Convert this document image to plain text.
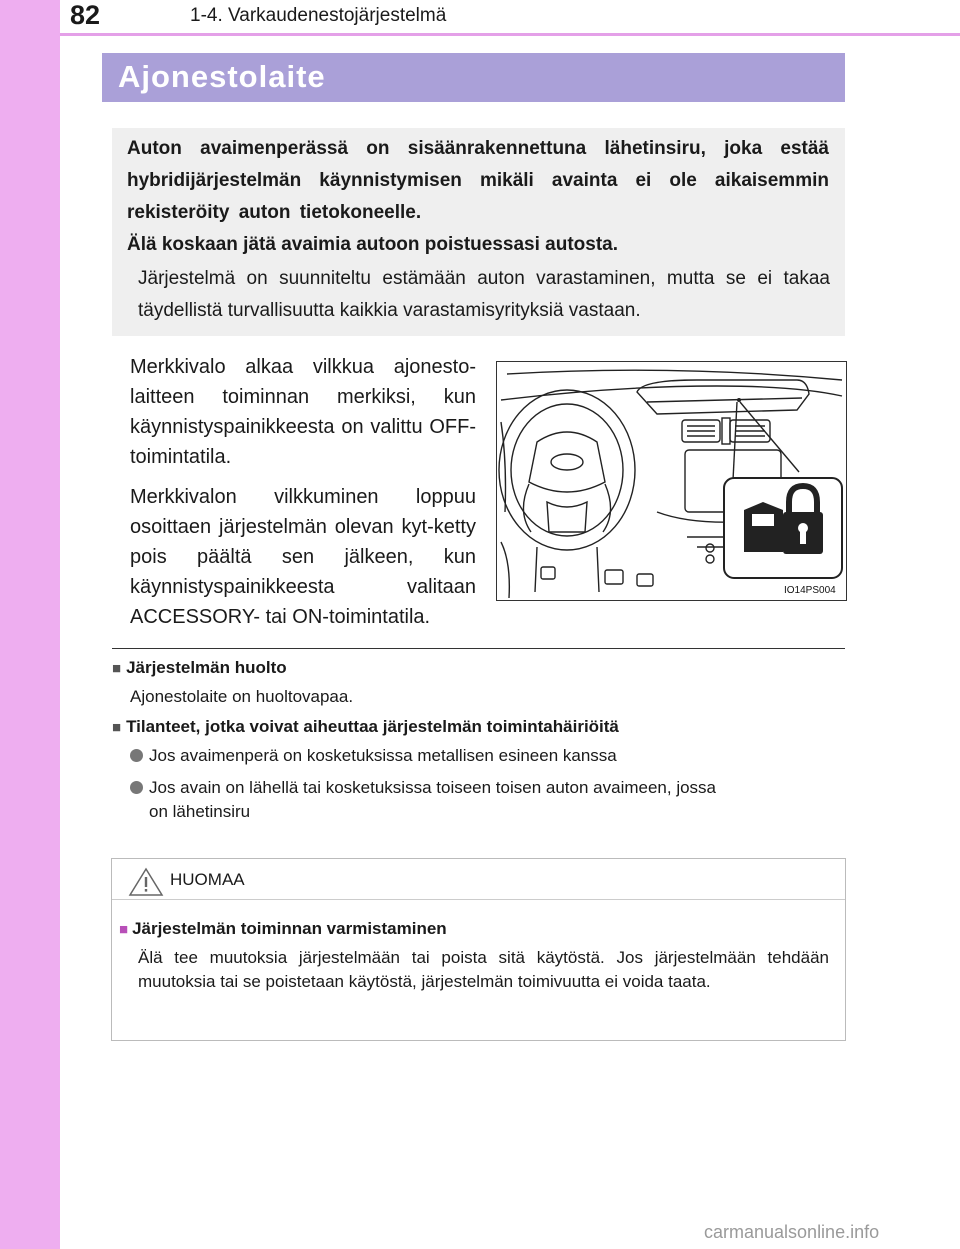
82	1-4. Varkaudenestojärjestelmä
Ajonestolaite
Auton avaimenperässä on sisäänrakennettuna lähetinsiru, joka estää hybridijärjestelmän käynnistymisen mikäli avainta ei ole aikaisemmin rekisteröity auton tietokoneelle.
Älä koskaan jätä avaimia autoon poistuessasi autosta.
Järjestelmä on suunniteltu estämään auton varastaminen, mutta se ei takaa täydellistä turvallisuutta kaikkia varastamisyrityksiä vastaan.
Merkkivalo alkaa vilkkua ajonesto-laitteen toiminnan merkiksi, kun käynnistyspainikkeesta on valittu OFF-toimintatila.
Merkkivalon vilkkuminen loppuu osoittaen järjestelmän olevan kyt-ketty pois päältä sen jälkeen, kun käynnistyspainikkeesta valitaan ACCESSORY- tai ON-toimintatila.
IO14PS004
■ Järjestelmän huolto
Ajonestolaite on huoltovapaa.
■ Tilanteet, jotka voivat aiheuttaa järjestelmän toimintahäiriöitä
Jos avaimenperä on kosketuksissa metallisen esineen kanssa
Jos avain on lähellä tai kosketuksissa toiseen toisen auton avaimeen, jossa
on lähetinsiru
HUOMAA
■ Järjestelmän toiminnan varmistaminen
Älä tee muutoksia järjestelmään tai poista sitä käytöstä. Jos järjestelmään tehdään muutoksia tai se poistetaan käytöstä, järjestelmän toimivuutta ei voida taata.
carmanualsonline.info
